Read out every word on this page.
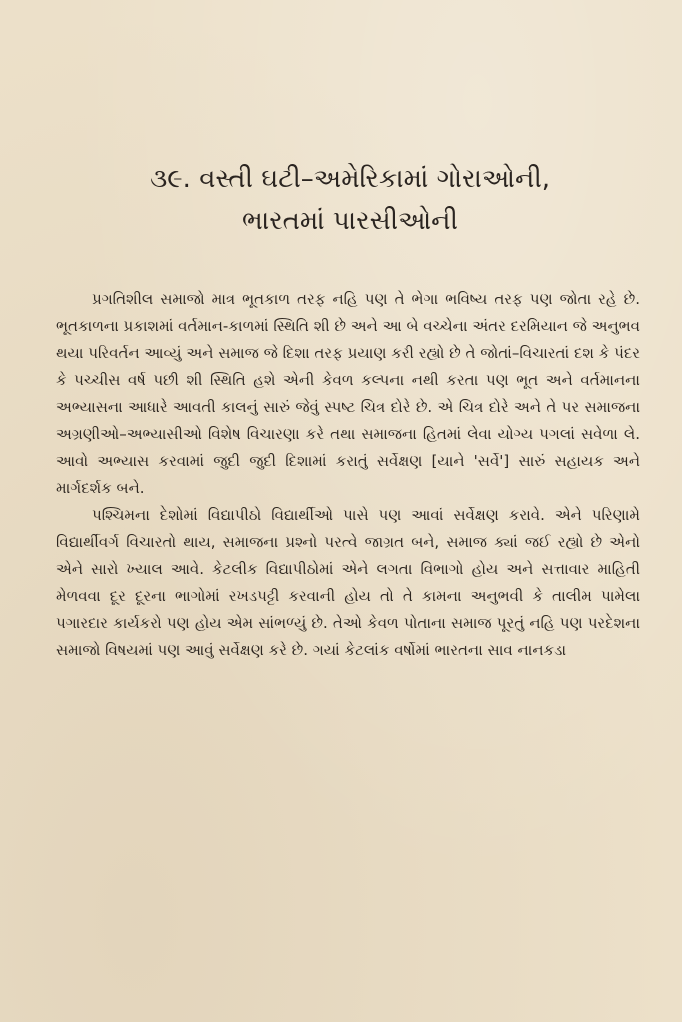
૩૯. વસ્તી ઘટી–અમેરિકામાં ગોરાઓની,
ભારતમાં પારસીઓની

પ્રગતિશીલ સમાજો માત્ર ભૂતકાળ તરફ નહિ પણ તે ભેગા ભવિષ્ય તરફ પણ જોતા રહે છે. ભૂતકાળના પ્રકાશમાં વર્તમાન-કાળમાં સ્થિતિ શી છે અને આ બે વચ્ચેના અંતર દરમિયાન જે અનુભવ થયા પરિવર્તન આવ્યું અને સમાજ જે દિશા તરફ પ્રયાણ કરી રહ્યો છે તે જોતાં–વિચારતાં દશ કે પંદર કે પચ્ચીસ વર્ષ પછી શી સ્થિતિ હશે એની કેવળ કલ્પના નથી કરતા પણ ભૂત અને વર્તમાનના અભ્યાસના આધારે આવતી કાલનું સારું જેવું સ્પષ્ટ ચિત્ર દોરે છે. એ ચિત્ર દોરે અને તે પર સમાજના અગ્રણીઓ–અભ્યાસીઓ વિશેષ વિચારણા કરે તથા સમાજના હિતમાં લેવા યોગ્ય પગલાં સવેળા લે. આવો અભ્યાસ કરવામાં જુદી જુદી દિશામાં કરાતું સર્વેક્ષણ [યાને 'સર્વે'] સારું સહાયક અને માર્ગદર્શક બને.

પશ્ચિમના દેશોમાં વિદ્યાપીઠો વિદ્યાર્થીઓ પાસે પણ આવાં સર્વેક્ષણ કરાવે. એને પરિણામે વિદ્યાર્થીવર્ગ વિચારતો થાય, સમાજના પ્રશ્નો પરત્વે જાગ્રત બને, સમાજ ક્યાં જઈ રહ્યો છે એનો એને સારો ખ્યાલ આવે. કેટલીક વિદ્યાપીઠોમાં એને લગતા વિભાગો હોય અને સત્તાવાર માહિતી મેળવવા દૂર દૂરના ભાગોમાં રખડપટ્ટી કરવાની હોય તો તે કામના અનુભવી કે તાલીમ પામેલા પગારદાર કાર્યકરો પણ હોય એમ સાંભળ્યું છે. તેઓ કેવળ પોતાના સમાજ પૂરતું નહિ પણ પરદેશના સમાજો વિષયમાં પણ આવું સર્વેક્ષણ કરે છે. ગયાં કેટલાંક વર્ષોમાં ભારતના સાવ નાનકડા
